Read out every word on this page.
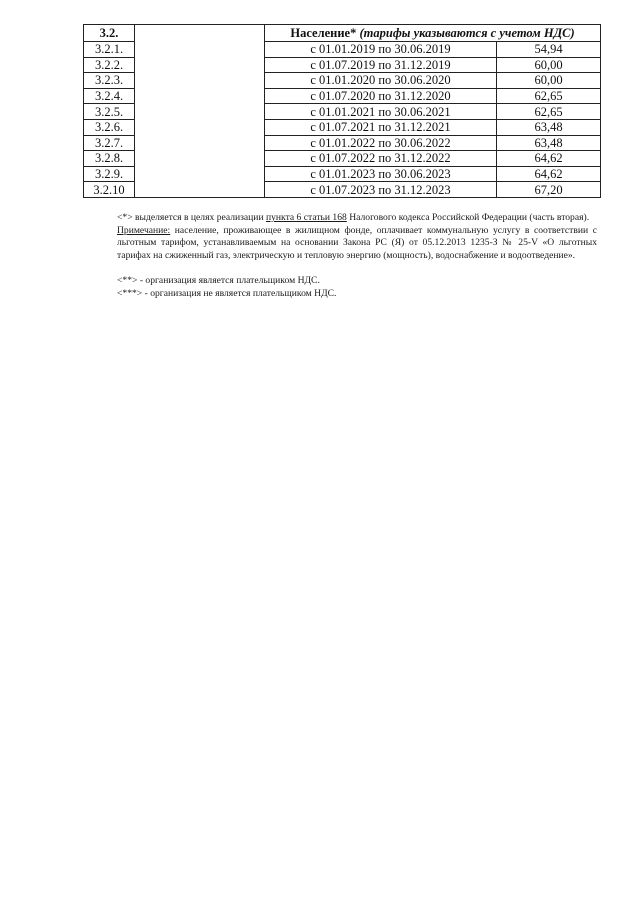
3.2.		Население* (тарифы указываются с учетом НДС)	
3.2.1.		с 01.01.2019 по 30.06.2019	54,94
3.2.2.		с 01.07.2019 по 31.12.2019	60,00
3.2.3.		с 01.01.2020 по 30.06.2020	60,00
3.2.4.		с 01.07.2020 по 31.12.2020	62,65
3.2.5.		с 01.01.2021 по 30.06.2021	62,65
3.2.6.		с 01.07.2021 по 31.12.2021	63,48
3.2.7.		с 01.01.2022 по 30.06.2022	63,48
3.2.8.		с 01.07.2022 по 31.12.2022	64,62
3.2.9.		с 01.01.2023 по 30.06.2023	64,62
3.2.10		с 01.07.2023 по 31.12.2023	67,20

<*> выделяется в целях реализации пункта 6 статьи 168 Налогового кодекса Российской Федерации (часть вторая).

Примечание: население, проживающее в жилищном фонде, оплачивает коммунальную услугу в соответствии с льготным тарифом, устанавливаемым на основании Закона РС (Я) от 05.12.2013 1235-З № 25-V «О льготных тарифах на сжиженный газ, электрическую и тепловую энергию (мощность), водоснабжение и водоотведение».

<**> - организация является плательщиком НДС.

<***> - организация не является плательщиком НДС.
